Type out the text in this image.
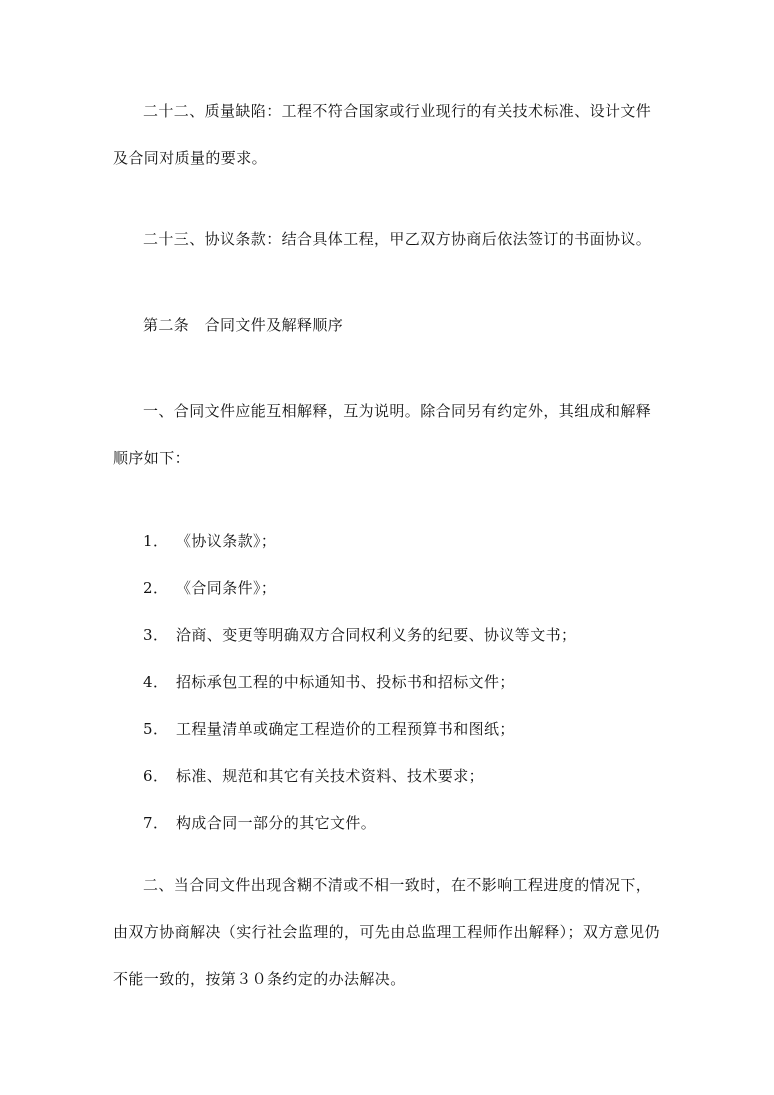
二十二、质量缺陷：工程不符合国家或行业现行的有关技术标准、设计文件及合同对质量的要求。

二十三、协议条款：结合具体工程，甲乙双方协商后依法签订的书面协议。

第二条　合同文件及解释顺序

一、合同文件应能互相解释，互为说明。除合同另有约定外，其组成和解释顺序如下：

1． 《协议条款》；
2． 《合同条件》；
3． 洽商、变更等明确双方合同权利义务的纪要、协议等文书；
4． 招标承包工程的中标通知书、投标书和招标文件；
5． 工程量清单或确定工程造价的工程预算书和图纸；
6． 标准、规范和其它有关技术资料、技术要求；
7． 构成合同一部分的其它文件。

二、当合同文件出现含糊不清或不相一致时，在不影响工程进度的情况下，由双方协商解决（实行社会监理的，可先由总监理工程师作出解释）；双方意见仍不能一致的，按第３０条约定的办法解决。
